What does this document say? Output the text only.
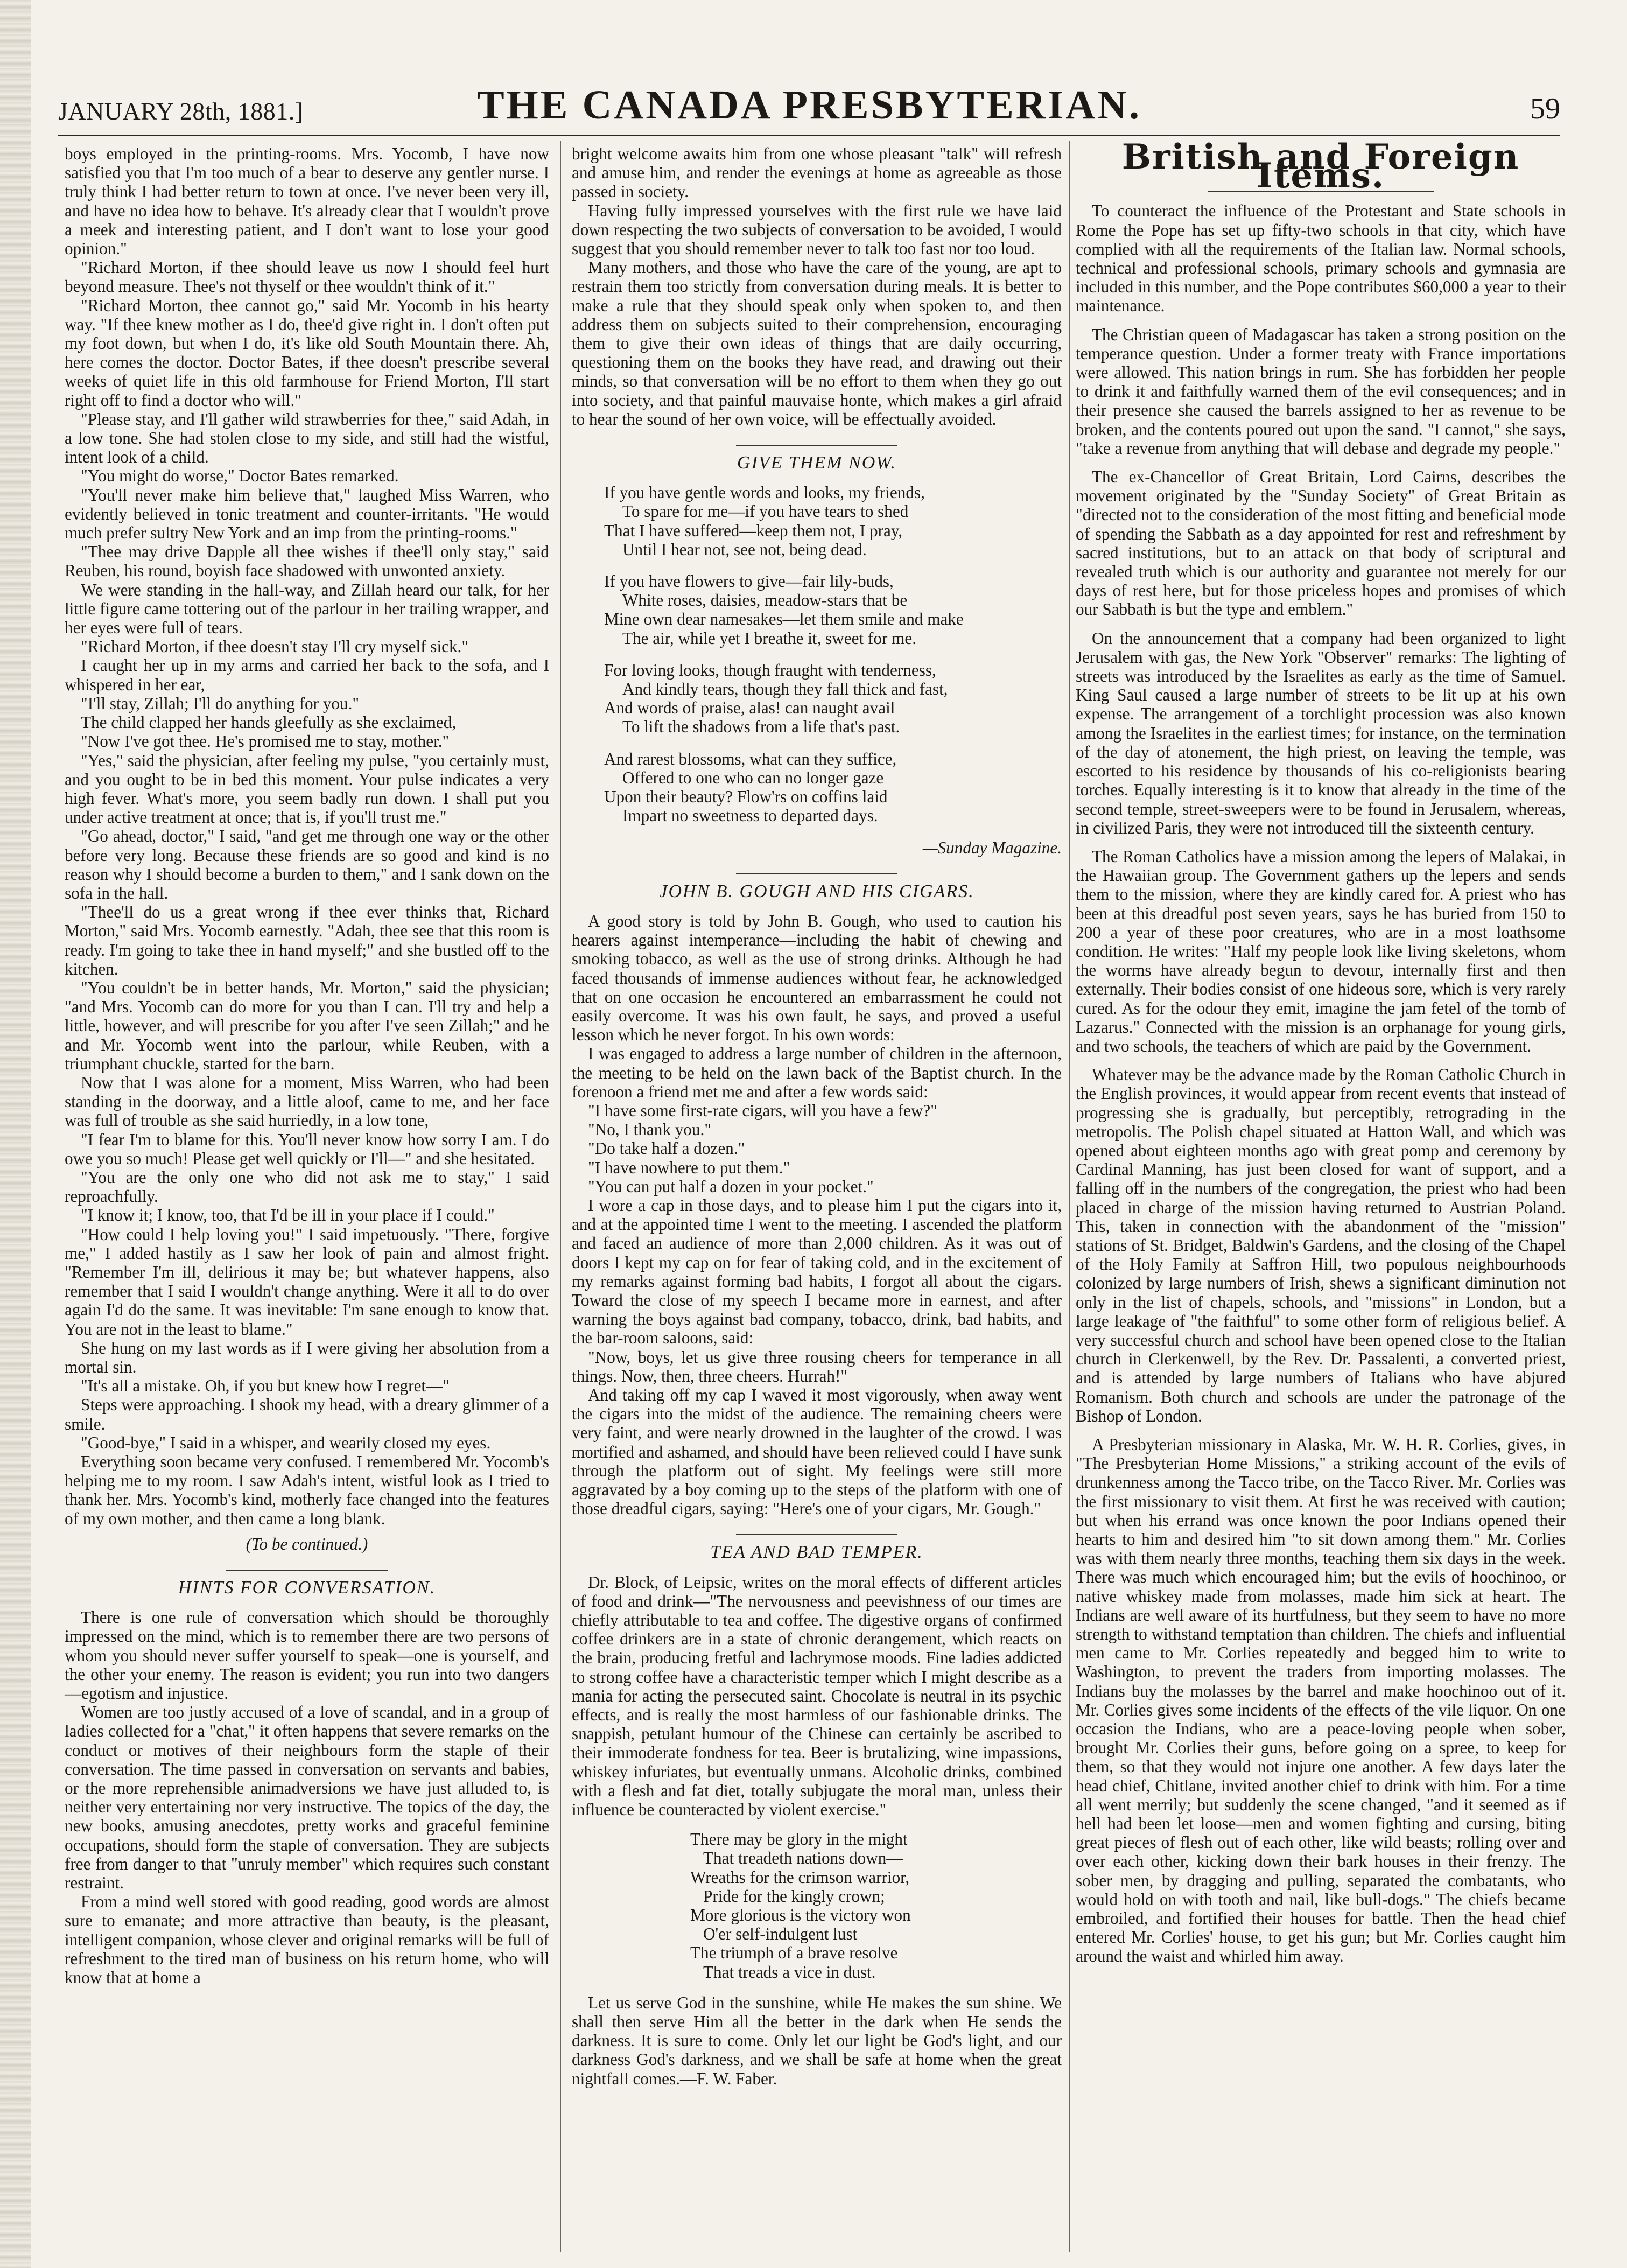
JANUARY 28th, 1881.]	THE CANADA PRESBYTERIAN.	59

boys employed in the printing-rooms. Mrs. Yocomb, I have now satisfied you that I'm too much of a bear to deserve any gentler nurse. I truly think I had better return to town at once. I've never been very ill, and have no idea how to behave. It's already clear that I wouldn't prove a meek and interesting patient, and I don't want to lose your good opinion."

"Richard Morton, if thee should leave us now I should feel hurt beyond measure. Thee's not thyself or thee wouldn't think of it."

"Richard Morton, thee cannot go," said Mr. Yocomb in his hearty way. "If thee knew mother as I do, thee'd give right in. I don't often put my foot down, but when I do, it's like old South Mountain there. Ah, here comes the doctor. Doctor Bates, if thee doesn't prescribe several weeks of quiet life in this old farmhouse for Friend Morton, I'll start right off to find a doctor who will."

"Please stay, and I'll gather wild strawberries for thee," said Adah, in a low tone. She had stolen close to my side, and still had the wistful, intent look of a child.

"You might do worse," Doctor Bates remarked.

"You'll never make him believe that," laughed Miss Warren, who evidently believed in tonic treatment and counter-irritants. "He would much prefer sultry New York and an imp from the printing-rooms."

"Thee may drive Dapple all thee wishes if thee'll only stay," said Reuben, his round, boyish face shadowed with unwonted anxiety.

We were standing in the hall-way, and Zillah heard our talk, for her little figure came tottering out of the parlour in her trailing wrapper, and her eyes were full of tears.

"Richard Morton, if thee doesn't stay I'll cry myself sick."

I caught her up in my arms and carried her back to the sofa, and I whispered in her ear,

"I'll stay, Zillah; I'll do anything for you."

The child clapped her hands gleefully as she exclaimed,

"Now I've got thee. He's promised me to stay, mother."

"Yes," said the physician, after feeling my pulse, "you certainly must, and you ought to be in bed this moment. Your pulse indicates a very high fever. What's more, you seem badly run down. I shall put you under active treatment at once; that is, if you'll trust me."

"Go ahead, doctor," I said, "and get me through one way or the other before very long. Because these friends are so good and kind is no reason why I should become a burden to them," and I sank down on the sofa in the hall.

"Thee'll do us a great wrong if thee ever thinks that, Richard Morton," said Mrs. Yocomb earnestly. "Adah, thee see that this room is ready. I'm going to take thee in hand myself;" and she bustled off to the kitchen.

"You couldn't be in better hands, Mr. Morton," said the physician; "and Mrs. Yocomb can do more for you than I can. I'll try and help a little, however, and will prescribe for you after I've seen Zillah;" and he and Mr. Yocomb went into the parlour, while Reuben, with a triumphant chuckle, started for the barn.

Now that I was alone for a moment, Miss Warren, who had been standing in the doorway, and a little aloof, came to me, and her face was full of trouble as she said hurriedly, in a low tone,

"I fear I'm to blame for this. You'll never know how sorry I am. I do owe you so much! Please get well quickly or I'll—" and she hesitated.

"You are the only one who did not ask me to stay," I said reproachfully.

"I know it; I know, too, that I'd be ill in your place if I could."

"How could I help loving you!" I said impetuously. "There, forgive me," I added hastily as I saw her look of pain and almost fright. "Remember I'm ill, delirious it may be; but whatever happens, also remember that I said I wouldn't change anything. Were it all to do over again I'd do the same. It was inevitable: I'm sane enough to know that. You are not in the least to blame."

She hung on my last words as if I were giving her absolution from a mortal sin.

"It's all a mistake. Oh, if you but knew how I regret—"

Steps were approaching. I shook my head, with a dreary glimmer of a smile.

"Good-bye," I said in a whisper, and wearily closed my eyes.

Everything soon became very confused. I remembered Mr. Yocomb's helping me to my room. I saw Adah's intent, wistful look as I tried to thank her. Mrs. Yocomb's kind, motherly face changed into the features of my own mother, and then came a long blank.

(To be continued.)
HINTS FOR CONVERSATION.

There is one rule of conversation which should be thoroughly impressed on the mind, which is to remember there are two persons of whom you should never suffer yourself to speak—one is yourself, and the other your enemy. The reason is evident; you run into two dangers—egotism and injustice.

Women are too justly accused of a love of scandal, and in a group of ladies collected for a "chat," it often happens that severe remarks on the conduct or motives of their neighbours form the staple of their conversation. The time passed in conversation on servants and babies, or the more reprehensible animadversions we have just alluded to, is neither very entertaining nor very instructive. The topics of the day, the new books, amusing anecdotes, pretty works and graceful feminine occupations, should form the staple of conversation. They are subjects free from danger to that "unruly member" which requires such constant restraint.

From a mind well stored with good reading, good words are almost sure to emanate; and more attractive than beauty, is the pleasant, intelligent companion, whose clever and original remarks will be full of refreshment to the tired man of business on his return home, who will know that at home a

bright welcome awaits him from one whose pleasant "talk" will refresh and amuse him, and render the evenings at home as agreeable as those passed in society.

Having fully impressed yourselves with the first rule we have laid down respecting the two subjects of conversation to be avoided, I would suggest that you should remember never to talk too fast nor too loud.

Many mothers, and those who have the care of the young, are apt to restrain them too strictly from conversation during meals. It is better to make a rule that they should speak only when spoken to, and then address them on subjects suited to their comprehension, encouraging them to give their own ideas of things that are daily occurring, questioning them on the books they have read, and drawing out their minds, so that conversation will be no effort to them when they go out into society, and that painful mauvaise honte, which makes a girl afraid to hear the sound of her own voice, will be effectually avoided.

GIVE THEM NOW.
If you have gentle words and looks, my friends,
To spare for me—if you have tears to shed
That I have suffered—keep them not, I pray,
Until I hear not, see not, being dead.
If you have flowers to give—fair lily-buds,
White roses, daisies, meadow-stars that be
Mine own dear namesakes—let them smile and make
The air, while yet I breathe it, sweet for me.
For loving looks, though fraught with tenderness,
And kindly tears, though they fall thick and fast,
And words of praise, alas! can naught avail
To lift the shadows from a life that's past.
And rarest blossoms, what can they suffice,
Offered to one who can no longer gaze
Upon their beauty? Flow'rs on coffins laid
Impart no sweetness to departed days.
—Sunday Magazine.
JOHN B. GOUGH AND HIS CIGARS.

A good story is told by John B. Gough, who used to caution his hearers against intemperance—including the habit of chewing and smoking tobacco, as well as the use of strong drinks. Although he had faced thousands of immense audiences without fear, he acknowledged that on one occasion he encountered an embarrassment he could not easily overcome. It was his own fault, he says, and proved a useful lesson which he never forgot. In his own words:

I was engaged to address a large number of children in the afternoon, the meeting to be held on the lawn back of the Baptist church. In the forenoon a friend met me and after a few words said:

"I have some first-rate cigars, will you have a few?"

"No, I thank you."

"Do take half a dozen."

"I have nowhere to put them."

"You can put half a dozen in your pocket."

I wore a cap in those days, and to please him I put the cigars into it, and at the appointed time I went to the meeting. I ascended the platform and faced an audience of more than 2,000 children. As it was out of doors I kept my cap on for fear of taking cold, and in the excitement of my remarks against forming bad habits, I forgot all about the cigars. Toward the close of my speech I became more in earnest, and after warning the boys against bad company, tobacco, drink, bad habits, and the bar-room saloons, said:

"Now, boys, let us give three rousing cheers for temperance in all things. Now, then, three cheers. Hurrah!"

And taking off my cap I waved it most vigorously, when away went the cigars into the midst of the audience. The remaining cheers were very faint, and were nearly drowned in the laughter of the crowd. I was mortified and ashamed, and should have been relieved could I have sunk through the platform out of sight. My feelings were still more aggravated by a boy coming up to the steps of the platform with one of those dreadful cigars, saying: "Here's one of your cigars, Mr. Gough."

TEA AND BAD TEMPER.

Dr. Block, of Leipsic, writes on the moral effects of different articles of food and drink—"The nervousness and peevishness of our times are chiefly attributable to tea and coffee. The digestive organs of confirmed coffee drinkers are in a state of chronic derangement, which reacts on the brain, producing fretful and lachrymose moods. Fine ladies addicted to strong coffee have a characteristic temper which I might describe as a mania for acting the persecuted saint. Chocolate is neutral in its psychic effects, and is really the most harmless of our fashionable drinks. The snappish, petulant humour of the Chinese can certainly be ascribed to their immoderate fondness for tea. Beer is brutalizing, wine impassions, whiskey infuriates, but eventually unmans. Alcoholic drinks, combined with a flesh and fat diet, totally subjugate the moral man, unless their influence be counteracted by violent exercise."

There may be glory in the might
That treadeth nations down—
Wreaths for the crimson warrior,
Pride for the kingly crown;
More glorious is the victory won
O'er self-indulgent lust
The triumph of a brave resolve
That treads a vice in dust.

Let us serve God in the sunshine, while He makes the sun shine. We shall then serve Him all the better in the dark when He sends the darkness. It is sure to come. Only let our light be God's light, and our darkness God's darkness, and we shall be safe at home when the great nightfall comes.—F. W. Faber.

British and Foreign Items.

To counteract the influence of the Protestant and State schools in Rome the Pope has set up fifty-two schools in that city, which have complied with all the requirements of the Italian law. Normal schools, technical and professional schools, primary schools and gymnasia are included in this number, and the Pope contributes $60,000 a year to their maintenance.

The Christian queen of Madagascar has taken a strong position on the temperance question. Under a former treaty with France importations were allowed. This nation brings in rum. She has forbidden her people to drink it and faithfully warned them of the evil consequences; and in their presence she caused the barrels assigned to her as revenue to be broken, and the contents poured out upon the sand. "I cannot," she says, "take a revenue from anything that will debase and degrade my people."

The ex-Chancellor of Great Britain, Lord Cairns, describes the movement originated by the "Sunday Society" of Great Britain as "directed not to the consideration of the most fitting and beneficial mode of spending the Sabbath as a day appointed for rest and refreshment by sacred institutions, but to an attack on that body of scriptural and revealed truth which is our authority and guarantee not merely for our days of rest here, but for those priceless hopes and promises of which our Sabbath is but the type and emblem."

On the announcement that a company had been organized to light Jerusalem with gas, the New York "Observer" remarks: The lighting of streets was introduced by the Israelites as early as the time of Samuel. King Saul caused a large number of streets to be lit up at his own expense. The arrangement of a torchlight procession was also known among the Israelites in the earliest times; for instance, on the termination of the day of atonement, the high priest, on leaving the temple, was escorted to his residence by thousands of his co-religionists bearing torches. Equally interesting is it to know that already in the time of the second temple, street-sweepers were to be found in Jerusalem, whereas, in civilized Paris, they were not introduced till the sixteenth century.

The Roman Catholics have a mission among the lepers of Malakai, in the Hawaiian group. The Government gathers up the lepers and sends them to the mission, where they are kindly cared for. A priest who has been at this dreadful post seven years, says he has buried from 150 to 200 a year of these poor creatures, who are in a most loathsome condition. He writes: "Half my people look like living skeletons, whom the worms have already begun to devour, internally first and then externally. Their bodies consist of one hideous sore, which is very rarely cured. As for the odour they emit, imagine the jam fetel of the tomb of Lazarus." Connected with the mission is an orphanage for young girls, and two schools, the teachers of which are paid by the Government.

Whatever may be the advance made by the Roman Catholic Church in the English provinces, it would appear from recent events that instead of progressing she is gradually, but perceptibly, retrograding in the metropolis. The Polish chapel situated at Hatton Wall, and which was opened about eighteen months ago with great pomp and ceremony by Cardinal Manning, has just been closed for want of support, and a falling off in the numbers of the congregation, the priest who had been placed in charge of the mission having returned to Austrian Poland. This, taken in connection with the abandonment of the "mission" stations of St. Bridget, Baldwin's Gardens, and the closing of the Chapel of the Holy Family at Saffron Hill, two populous neighbourhoods colonized by large numbers of Irish, shews a significant diminution not only in the list of chapels, schools, and "missions" in London, but a large leakage of "the faithful" to some other form of religious belief. A very successful church and school have been opened close to the Italian church in Clerkenwell, by the Rev. Dr. Passalenti, a converted priest, and is attended by large numbers of Italians who have abjured Romanism. Both church and schools are under the patronage of the Bishop of London.

A Presbyterian missionary in Alaska, Mr. W. H. R. Corlies, gives, in "The Presbyterian Home Missions," a striking account of the evils of drunkenness among the Tacco tribe, on the Tacco River. Mr. Corlies was the first missionary to visit them. At first he was received with caution; but when his errand was once known the poor Indians opened their hearts to him and desired him "to sit down among them." Mr. Corlies was with them nearly three months, teaching them six days in the week. There was much which encouraged him; but the evils of hoochinoo, or native whiskey made from molasses, made him sick at heart. The Indians are well aware of its hurtfulness, but they seem to have no more strength to withstand temptation than children. The chiefs and influential men came to Mr. Corlies repeatedly and begged him to write to Washington, to prevent the traders from importing molasses. The Indians buy the molasses by the barrel and make hoochinoo out of it. Mr. Corlies gives some incidents of the effects of the vile liquor. On one occasion the Indians, who are a peace-loving people when sober, brought Mr. Corlies their guns, before going on a spree, to keep for them, so that they would not injure one another. A few days later the head chief, Chitlane, invited another chief to drink with him. For a time all went merrily; but suddenly the scene changed, "and it seemed as if hell had been let loose—men and women fighting and cursing, biting great pieces of flesh out of each other, like wild beasts; rolling over and over each other, kicking down their bark houses in their frenzy. The sober men, by dragging and pulling, separated the combatants, who would hold on with tooth and nail, like bull-dogs." The chiefs became embroiled, and fortified their houses for battle. Then the head chief entered Mr. Corlies' house, to get his gun; but Mr. Corlies caught him around the waist and whirled him away.
